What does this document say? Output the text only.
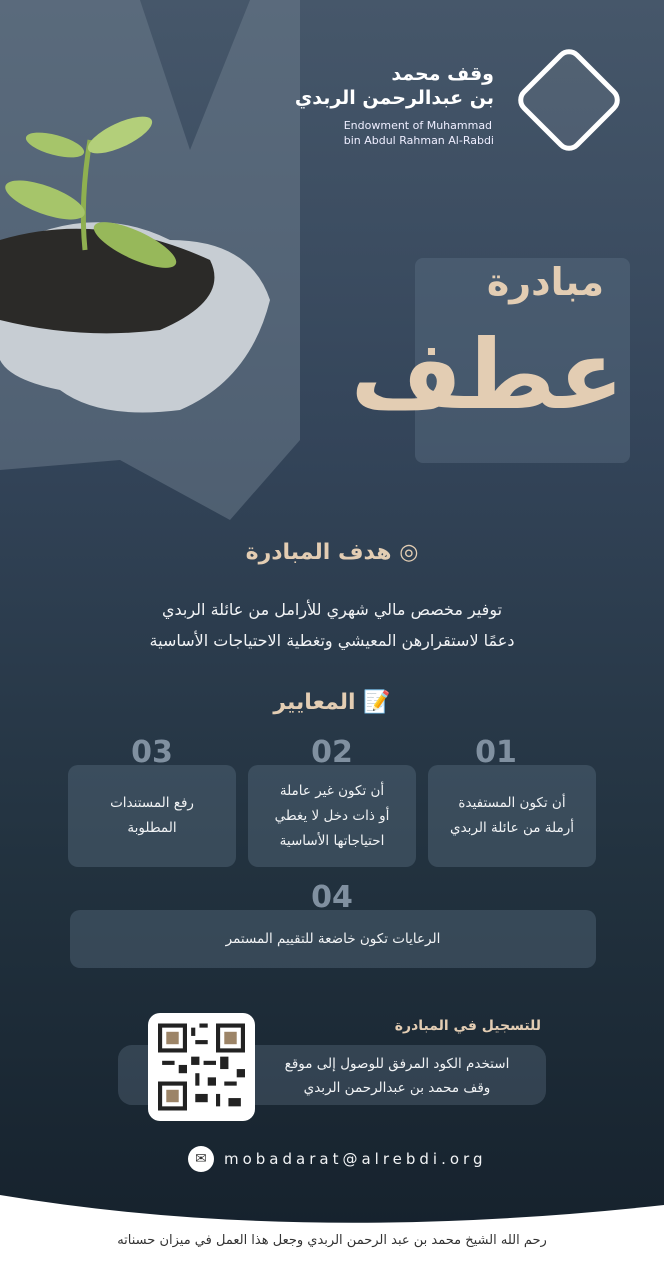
وقف محمد
بن عبدالرحمن الربدي
Endowment of Muhammad
bin Abdul Rahman Al-Rabdi
مبادرة
عطف
◎ هدف المبادرة
توفير مخصص مالي شهري للأرامل من عائلة الربدي
دعمًا لاستقرارهن المعيشي وتغطية الاحتياجات الأساسية
📝 المعايير
01
أن تكون المستفيدة
أرملة من عائلة الربدي
02
أن تكون غير عاملة
أو ذات دخل لا يغطي
احتياجاتها الأساسية
03
رفع المستندات
المطلوبة
04
الرعايات تكون خاضعة للتقييم المستمر
للتسجيل في المبادرة
استخدم الكود المرفق للوصول إلى موقع
وقف محمد بن عبدالرحمن الربدي
✉	mobadarat@alrebdi.org
رحم الله الشيخ محمد بن عبد الرحمن الربدي وجعل هذا العمل في ميزان حسناته
